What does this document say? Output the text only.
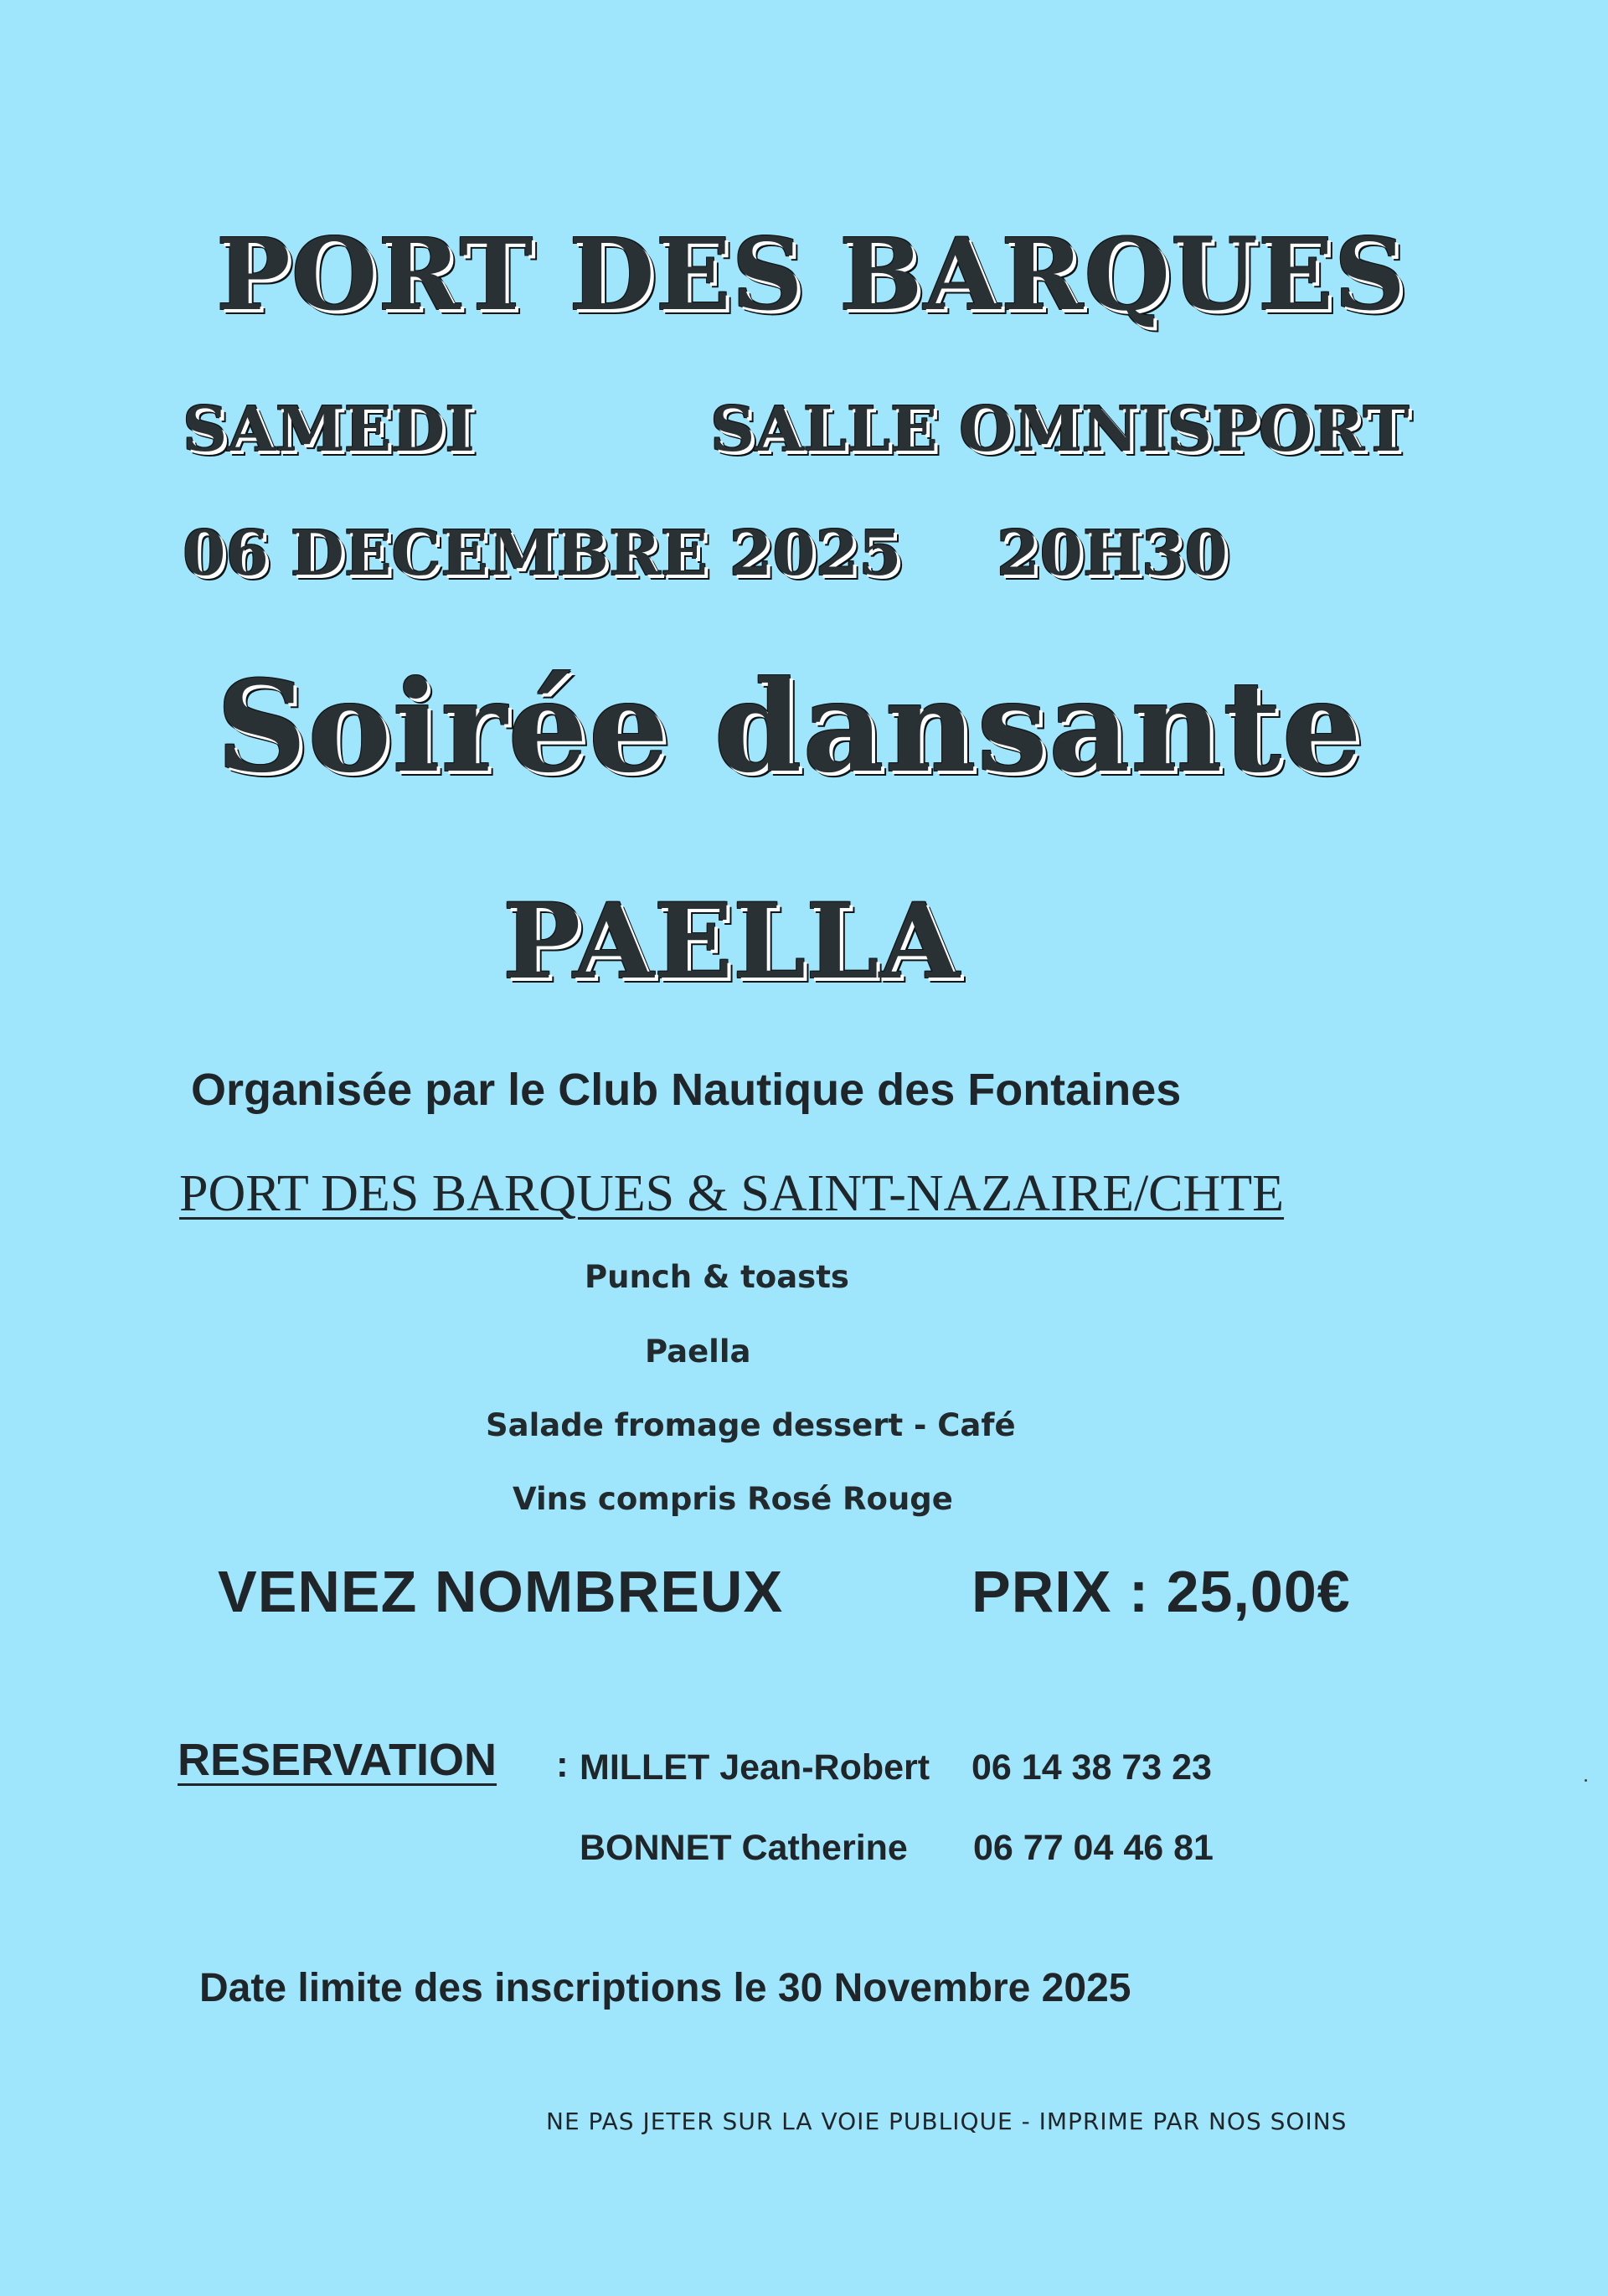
PORT DES BARQUES
SAMEDI	SALLE OMNISPORT
06 DECEMBRE 2025 20H30
Soirée dansante
PAELLA
Organisée par le Club Nautique des Fontaines
PORT DES BARQUES & SAINT-NAZAIRE/CHTE
Punch & toasts
Paella
Salade fromage dessert - Café
Vins compris Rosé Rouge
VENEZ NOMBREUX	PRIX : 25,00€
RESERVATION : MILLET Jean-Robert 06 14 38 73 23
BONNET Catherine 06 77 04 46 81
Date limite des inscriptions le 30 Novembre 2025
NE PAS JETER SUR LA VOIE PUBLIQUE - IMPRIME PAR NOS SOINS
